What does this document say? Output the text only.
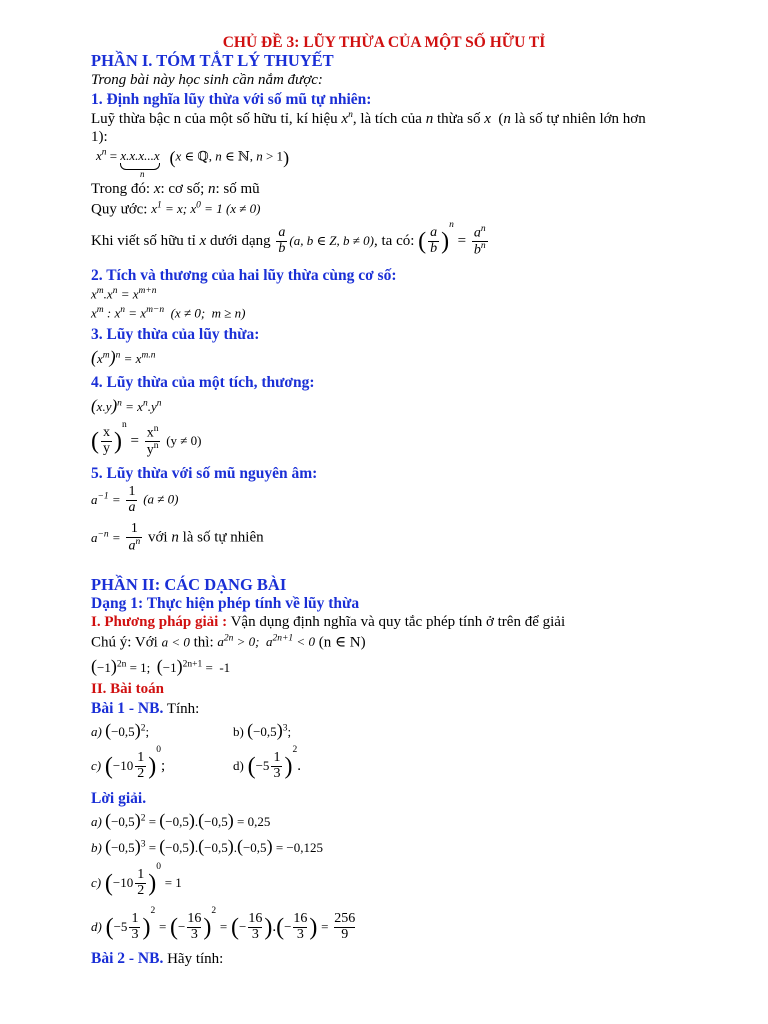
CHỦ ĐỀ 3: LŨY THỪA CỦA MỘT SỐ HỮU TỈ
PHẦN I. TÓM TẮT LÝ THUYẾT
Trong bài này học sinh cần nắm được:
1. Định nghĩa lũy thừa với số mũ tự nhiên:
Luỹ thừa bậc n của một số hữu tỉ, kí hiệu $x^n$, là tích của n thừa số x  (n là số tự nhiên lớn hơn
1):
$x^n = x.x.x...x$
n
(x ∈ ℚ, n ∈ ℕ, n > 1)
Trong đó: x: cơ số; n: số mũ
Quy ước: $x^1 = x$; $x^0 = 1$ (x ≠ 0)
Khi viết số hữu tỉ x dưới dạng $\frac{a}{b} (a$, b ∈ Z, b ≠ 0), ta có: ( $\frac{a}{b} )^n = \frac{a^n}{b^n}$
2. Tích và thương của hai lũy thừa cùng cơ số:
$x^m.x^n = x^{m+n}$
$x^m$ : $x^n = x^{m-n}$  (x ≠ 0;  m ≥ n)
3. Lũy thừa của lũy thừa:
$(x^m)^n = x^{m.n}$
4. Lũy thừa của một tích, thương:
$(x.y)^n = x^n.y^n$
( $\frac{x}{y} )^n = \frac{x^n}{y^n} (y \ne 0)$
5. Lũy thừa với số mũ nguyên âm:
$a^{-1} = \frac{1}{a} (a \ne 0)$
$a^{-n} = \frac{1}{a^n}$ với n là số tự nhiên
PHẦN II: CÁC DẠNG BÀI
Dạng 1: Thực hiện phép tính về lũy thừa
I. Phương pháp giải : Vận dụng định nghĩa và quy tắc phép tính ở trên để giải
Chú ý: Với a < 0 thì: $a^{2n} > 0$;  $a^{2n+1} < 0$ (n ∈ N)
$(-1)^{2n} = 1$;  $(-1)^{2n+1} = -1$
II. Bài toán
Bài 1 - NB. Tính:
a) $(-0,5)^2$;	b) $(-0,5)^3$;
c) $(-10 \frac{1}{2} )^0$;	d) $(-5 \frac{1}{3} )^2$.
Lời giải.
a) $(-0,5)^2 = (-0,5).(-0,5) = 0,25$
b) $(-0,5)^3 = (-0,5).(-0,5).(-0,5) = -0,125$
c) $(-10 \frac{1}{2} )^0 = 1$
d) $(-5 \frac{1}{3} )^2$ = (− $\frac{16}{3} )^2$ = (− $\frac{16}{3}$ ).(− $\frac{16}{3}$ ) = $\frac{256}{9}$
Bài 2 - NB. Hãy tính:
